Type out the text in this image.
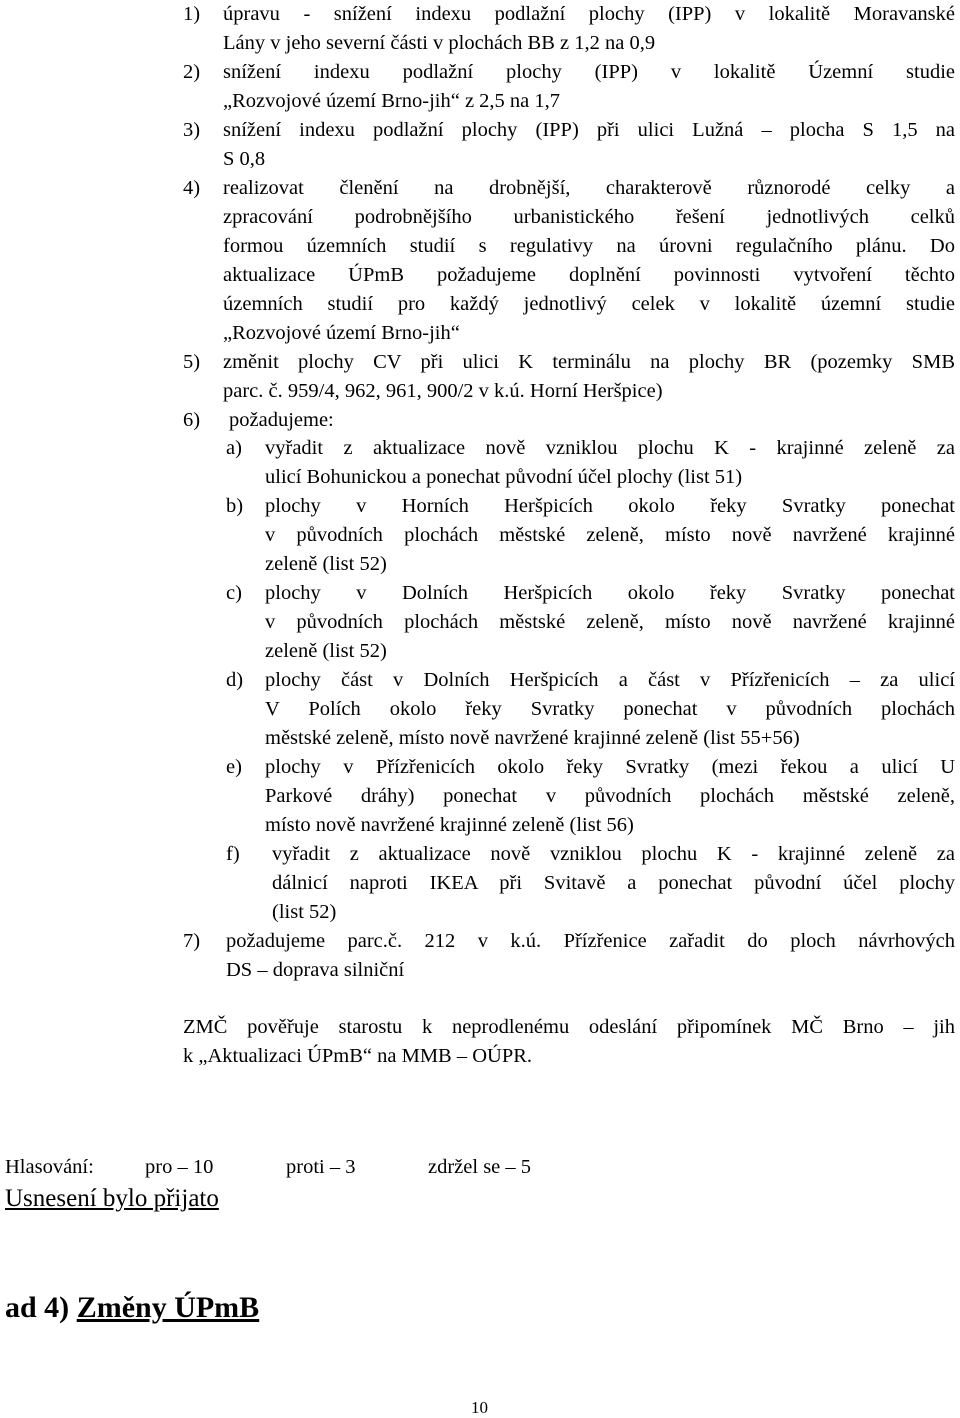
1) úpravu - snížení indexu podlažní plochy (IPP) v lokalitě Moravanské
Lány v jeho severní části v plochách BB z 1,2 na 0,9
2) snížení indexu podlažní plochy (IPP) v lokalitě Územní studie
„Rozvojové území Brno-jih“ z 2,5 na 1,7
3) snížení indexu podlažní plochy (IPP) při ulici Lužná – plocha S 1,5 na
S 0,8
4) realizovat členění na drobnější, charakterově různorodé celky a
zpracování podrobnějšího urbanistického řešení jednotlivých celků
formou územních studií s regulativy na úrovni regulačního plánu. Do
aktualizace ÚPmB požadujeme doplnění povinnosti vytvoření těchto
územních studií pro každý jednotlivý celek v lokalitě územní studie
„Rozvojové území Brno-jih“
5) změnit plochy CV při ulici K terminálu na plochy BR (pozemky SMB
parc. č. 959/4, 962, 961, 900/2 v k.ú. Horní Heršpice)
6) požadujeme:
a) vyřadit z aktualizace nově vzniklou plochu K - krajinné zeleně za
ulicí Bohunickou a ponechat původní účel plochy (list 51)
b) plochy v Horních Heršpicích okolo řeky Svratky ponechat
v původních plochách městské zeleně, místo nově navržené krajinné
zeleně (list 52)
c) plochy v Dolních Heršpicích okolo řeky Svratky ponechat
v původních plochách městské zeleně, místo nově navržené krajinné
zeleně (list 52)
d) plochy část v Dolních Heršpicích a část v Přízřenicích – za ulicí
V Polích okolo řeky Svratky ponechat v původních plochách
městské zeleně, místo nově navržené krajinné zeleně (list 55+56)
e) plochy v Přízřenicích okolo řeky Svratky (mezi řekou a ulicí U
Parkové dráhy) ponechat v původních plochách městské zeleně,
místo nově navržené krajinné zeleně (list 56)
f) vyřadit z aktualizace nově vzniklou plochu K - krajinné zeleně za
dálnicí naproti IKEA při Svitavě a ponechat původní účel plochy
(list 52)
7) požadujeme parc.č. 212 v k.ú. Přízřenice zařadit do ploch návrhových
DS – doprava silniční
ZMČ pověřuje starostu k neprodlenému odeslání připomínek MČ Brno – jih
k „Aktualizaci ÚPmB“ na MMB – OÚPR.
Hlasování: pro – 10	proti – 3	zdržel se – 5
Usnesení bylo přijato
ad 4) Změny ÚPmB
10
